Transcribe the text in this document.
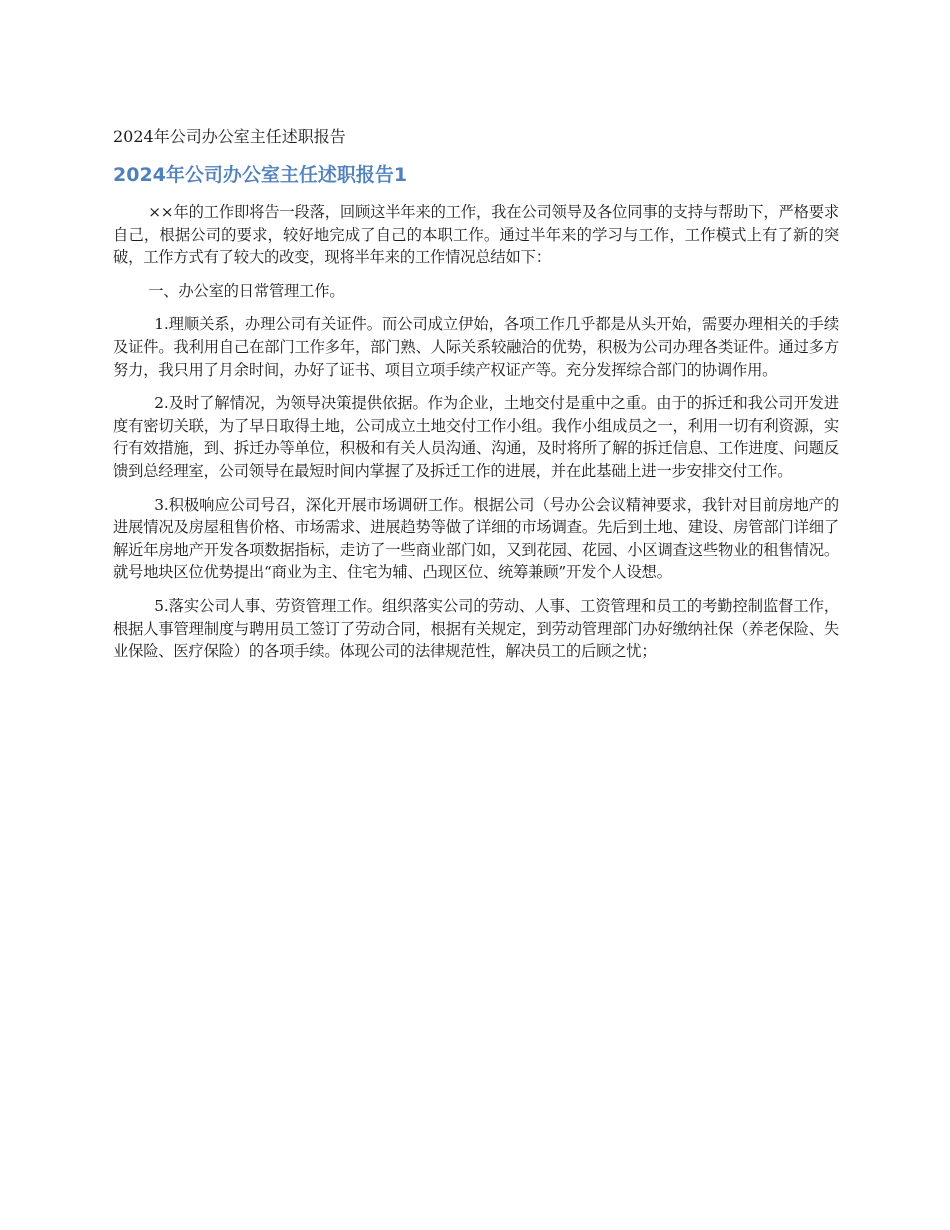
2024年公司办公室主任述职报告
2024年公司办公室主任述职报告1

××年的工作即将告一段落，回顾这半年来的工作，我在公司领导及各位同事的支持与帮助下，严格要求自己，根据公司的要求，较好地完成了自己的本职工作。通过半年来的学习与工作，工作模式上有了新的突破，工作方式有了较大的改变，现将半年来的工作情况总结如下：

一、办公室的日常管理工作。

1.理顺关系，办理公司有关证件。而公司成立伊始，各项工作几乎都是从头开始，需要办理相关的手续及证件。我利用自己在部门工作多年，部门熟、人际关系较融洽的优势，积极为公司办理各类证件。通过多方努力，我只用了月余时间，办好了证书、项目立项手续产权证产等。充分发挥综合部门的协调作用。

2.及时了解情况，为领导决策提供依据。作为企业，土地交付是重中之重。由于的拆迁和我公司开发进度有密切关联，为了早日取得土地，公司成立土地交付工作小组。我作小组成员之一，利用一切有利资源，实行有效措施，到、拆迁办等单位，积极和有关人员沟通、沟通，及时将所了解的拆迁信息、工作进度、问题反馈到总经理室，公司领导在最短时间内掌握了及拆迁工作的进展，并在此基础上进一步安排交付工作。

3.积极响应公司号召，深化开展市场调研工作。根据公司（号办公会议精神要求，我针对目前房地产的进展情况及房屋租售价格、市场需求、进展趋势等做了详细的市场调查。先后到土地、建设、房管部门详细了解近年房地产开发各项数据指标，走访了一些商业部门如，又到花园、花园、小区调查这些物业的租售情况。就号地块区位优势提出“商业为主、住宅为辅、凸现区位、统筹兼顾”开发个人设想。

5.落实公司人事、劳资管理工作。组织落实公司的劳动、人事、工资管理和员工的考勤控制监督工作，根据人事管理制度与聘用员工签订了劳动合同，根据有关规定，到劳动管理部门办好缴纳社保（养老保险、失业保险、医疗保险）的各项手续。体现公司的法律规范性，解决员工的后顾之忧；
